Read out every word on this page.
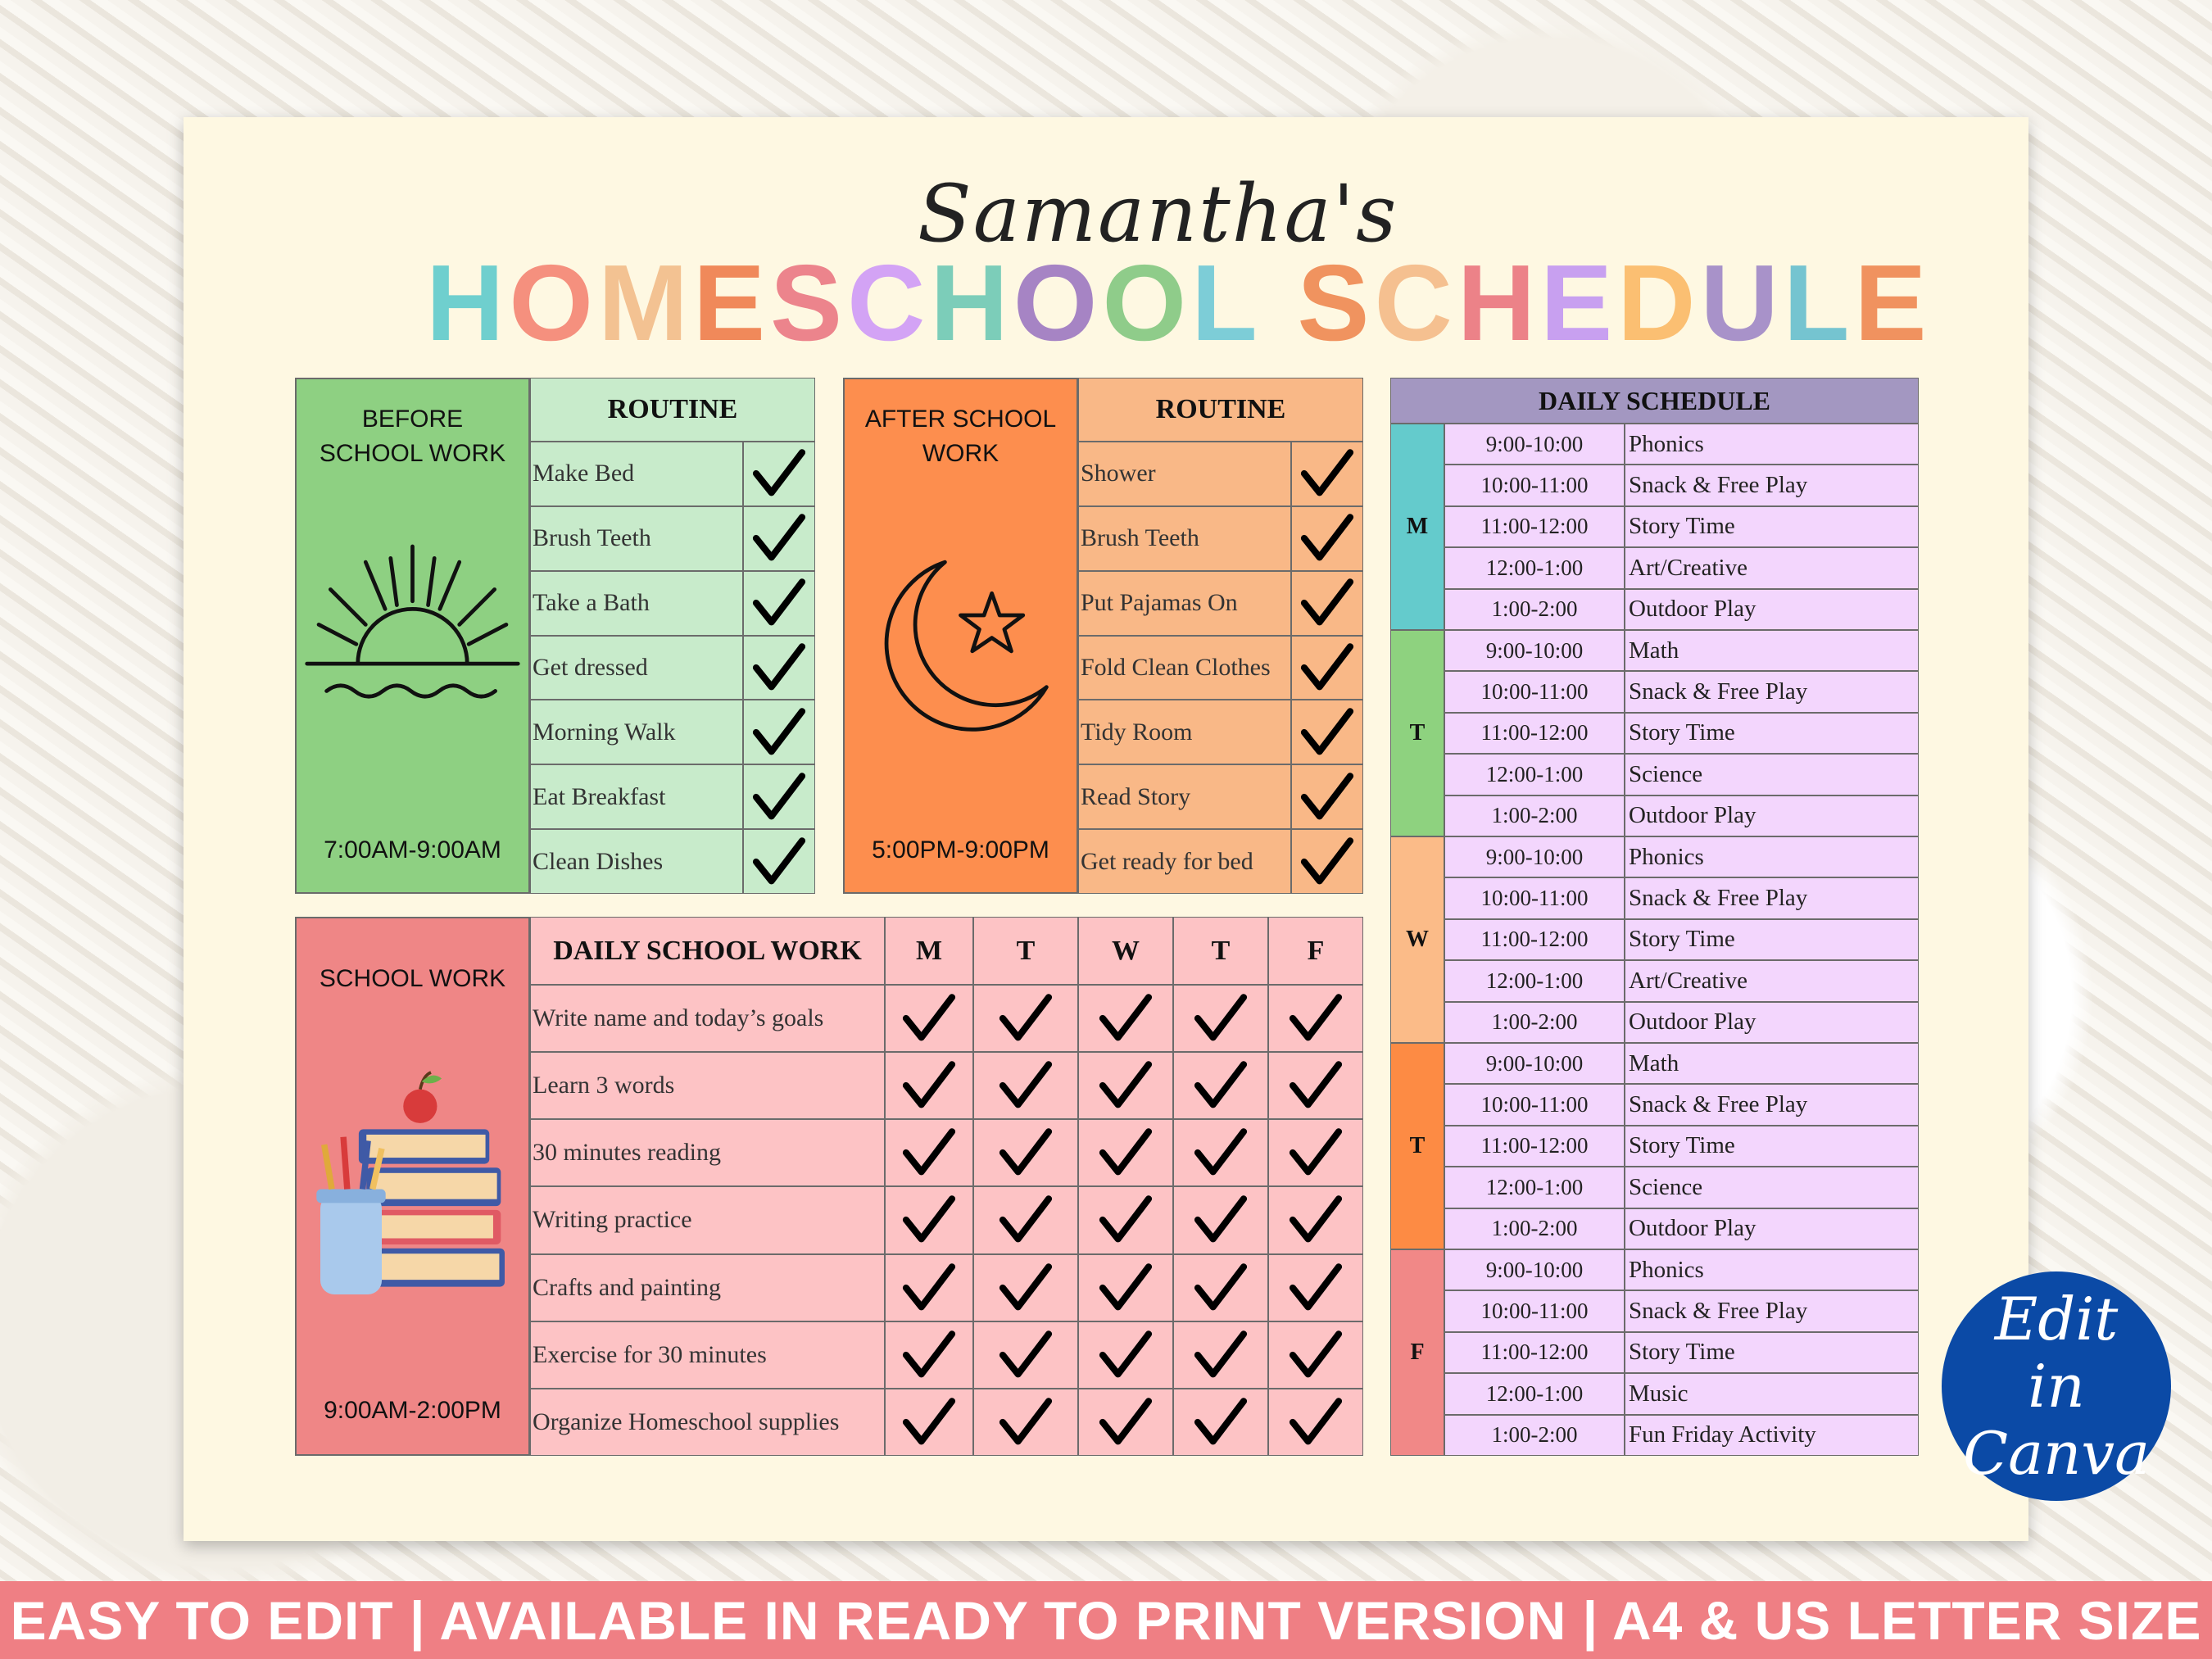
Samantha's
HOMESCHOOL SCHEDULE
BEFORE
SCHOOL WORK
7:00AM-9:00AM
ROUTINE
Make Bed
Brush Teeth
Take a Bath
Get dressed
Morning Walk
Eat Breakfast
Clean Dishes
AFTER SCHOOL
WORK
5:00PM-9:00PM
ROUTINE
Shower
Brush Teeth
Put Pajamas On
Fold Clean Clothes
Tidy Room
Read Story
Get ready for bed
SCHOOL WORK
9:00AM-2:00PM
DAILY SCHOOL WORK	M	T	W	T	F
Write name and today’s goals
Learn 3 words
30 minutes reading
Writing practice
Crafts and painting
Exercise for 30 minutes
Organize Homeschool supplies
DAILY SCHEDULE
M
9:00-10:00	Phonics
10:00-11:00	Snack & Free Play
11:00-12:00	Story Time
12:00-1:00	Art/Creative
1:00-2:00	Outdoor Play
T
9:00-10:00	Math
10:00-11:00	Snack & Free Play
11:00-12:00	Story Time
12:00-1:00	Science
1:00-2:00	Outdoor Play
W
9:00-10:00	Phonics
10:00-11:00	Snack & Free Play
11:00-12:00	Story Time
12:00-1:00	Art/Creative
1:00-2:00	Outdoor Play
T
9:00-10:00	Math
10:00-11:00	Snack & Free Play
11:00-12:00	Story Time
12:00-1:00	Science
1:00-2:00	Outdoor Play
F
9:00-10:00	Phonics
10:00-11:00	Snack & Free Play
11:00-12:00	Story Time
12:00-1:00	Music
1:00-2:00	Fun Friday Activity
Edit
in
Canva
EASY TO EDIT | AVAILABLE IN READY TO PRINT VERSION | A4 & US LETTER SIZE
